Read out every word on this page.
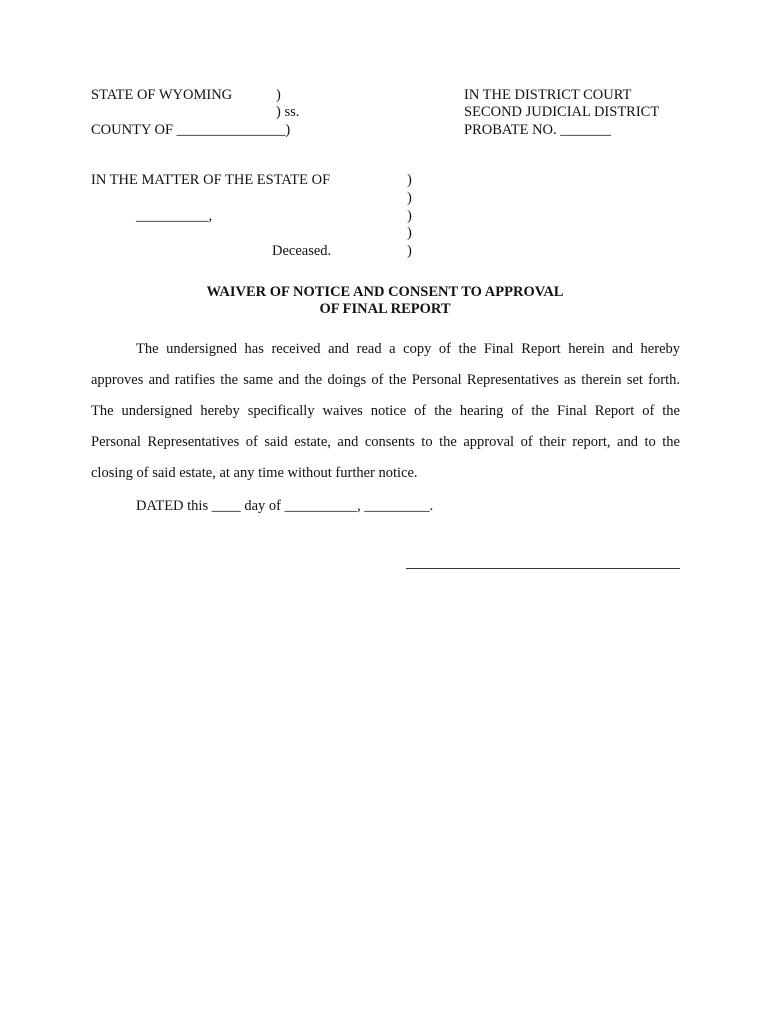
STATE OF WYOMING	)
) ss.
COUNTY OF _______________)
IN THE DISTRICT COURT
SECOND JUDICIAL DISTRICT
PROBATE NO. _______
IN THE MATTER OF THE ESTATE OF
__________,
Deceased.
)
)
)
)
)
WAIVER OF NOTICE AND CONSENT TO APPROVAL
OF FINAL REPORT
The undersigned has received and read a copy of the Final Report herein and hereby
approves and ratifies the same and the doings of the Personal Representatives as therein set forth.
The undersigned hereby specifically waives notice of the hearing of the Final Report of the
Personal Representatives of said estate, and consents to the approval of their report, and to the
closing of said estate, at any time without further notice.
DATED this ____ day of __________, _________.
